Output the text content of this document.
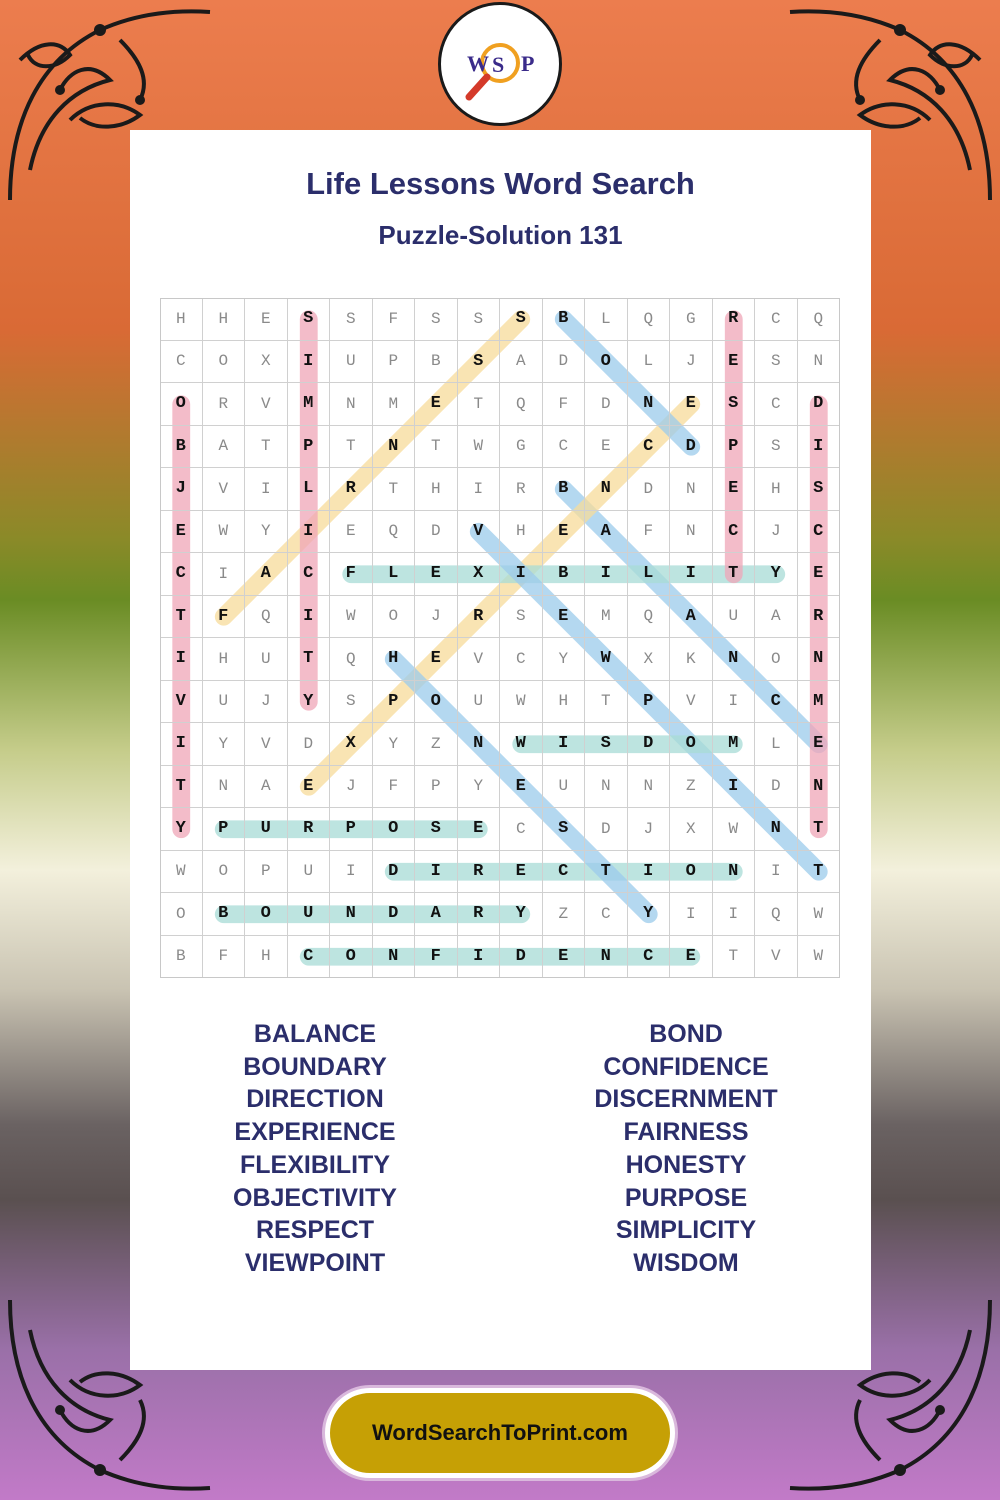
W S P
Life Lessons Word Search
Puzzle-Solution 131
H	H	E	S	S	F	S	S	S	B	L	Q	G	R	C	Q
C	O	X	I	U	P	B	S	A	D	O	L	J	E	S	N
O	R	V	M	N	M	E	T	Q	F	D	N	E	S	C	D
B	A	T	P	T	N	T	W	G	C	E	C	D	P	S	I
J	V	I	L	R	T	H	I	R	B	N	D	N	E	H	S
E	W	Y	I	E	Q	D	V	H	E	A	F	N	C	J	C
C	I	A	C	F	L	E	X	I	B	I	L	I	T	Y	E
T	F	Q	I	W	O	J	R	S	E	M	Q	A	U	A	R
I	H	U	T	Q	H	E	V	C	Y	W	X	K	N	O	N
V	U	J	Y	S	P	O	U	W	H	T	P	V	I	C	M
I	Y	V	D	X	Y	Z	N	W	I	S	D	O	M	L	E
T	N	A	E	J	F	P	Y	E	U	N	N	Z	I	D	N
Y	P	U	R	P	O	S	E	C	S	D	J	X	W	N	T
W	O	P	U	I	D	I	R	E	C	T	I	O	N	I	T
O	B	O	U	N	D	A	R	Y	Z	C	Y	I	I	Q	W
B	F	H	C	O	N	F	I	D	E	N	C	E	T	V	W
BALANCE
BOUNDARY
DIRECTION
EXPERIENCE
FLEXIBILITY
OBJECTIVITY
RESPECT
VIEWPOINT
BOND
CONFIDENCE
DISCERNMENT
FAIRNESS
HONESTY
PURPOSE
SIMPLICITY
WISDOM
WordSearchToPrint.com
